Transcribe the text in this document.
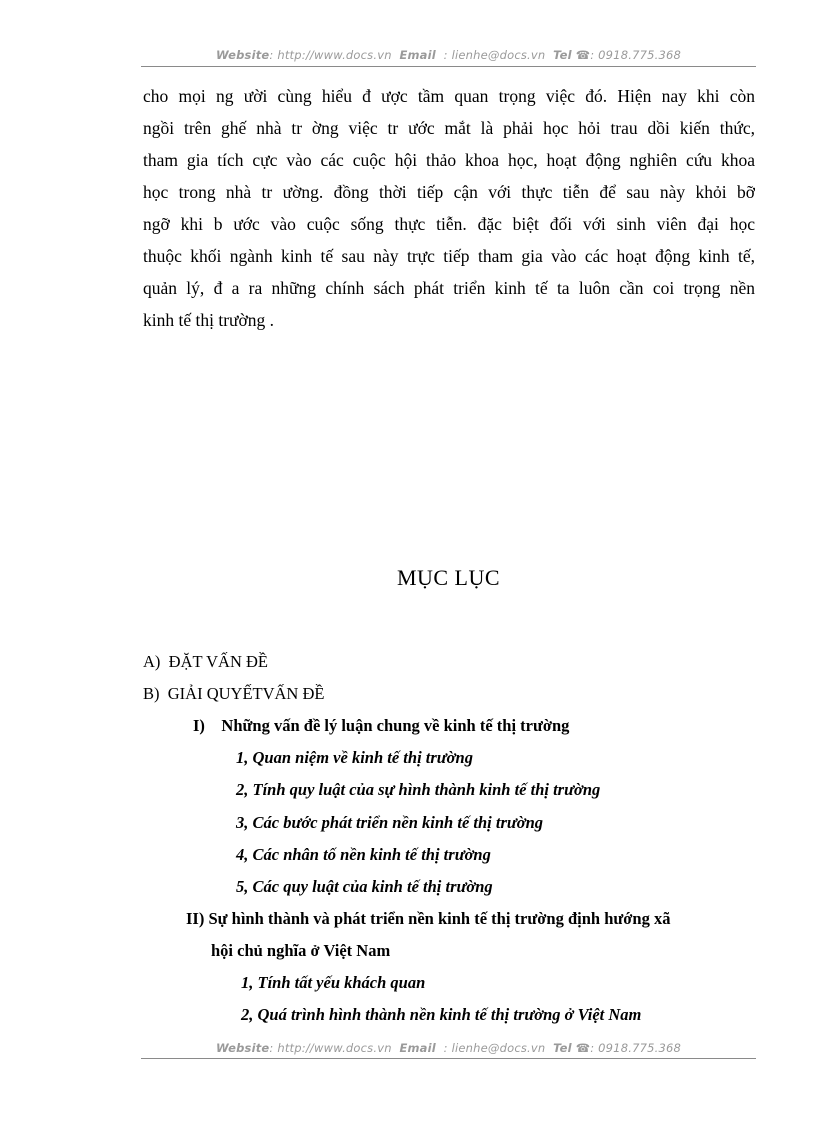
Website: http://www.docs.vn Email : lienhe@docs.vn Tel ☎: 0918.775.368
cho mọi ng ười cùng hiểu đ ược tầm quan trọng việc đó. Hiện nay khi còn
ngồi trên ghế nhà tr ờng việc tr ước mắt là phải học hỏi trau dồi kiến thức,
tham gia tích cực vào các cuộc hội thảo khoa học, hoạt động nghiên cứu khoa
học trong nhà tr ường. đồng thời tiếp cận với thực tiễn để sau này khỏi bỡ
ngỡ khi b ước vào cuộc sống thực tiễn. đặc biệt đối với sinh viên đại học
thuộc khối ngành kinh tế sau này trực tiếp tham gia vào các hoạt động kinh tế,
quản lý, đ a ra những chính sách phát triển kinh tế ta luôn cần coi trọng nền
kinh tế thị trường .
MỤC LỤC
A) ĐẶT VẤN ĐỀ
B) GIẢI QUYẾTVẤN ĐỀ
I) Những vấn đề lý luận chung về kinh tế thị trường
1, Quan niệm về kinh tế thị trường
2, Tính quy luật của sự hình thành kinh tế thị trường
3, Các bước phát triển nền kinh tế thị trường
4, Các nhân tố nền kinh tế thị trường
5, Các quy luật của kinh tế thị trường
II) Sự hình thành và phát triển nền kinh tế thị trường định hướng xã
hội chủ nghĩa ở Việt Nam
1, Tính tất yếu khách quan
2, Quá trình hình thành nền kinh tế thị trường ở Việt Nam
Website: http://www.docs.vn Email : lienhe@docs.vn Tel ☎: 0918.775.368
